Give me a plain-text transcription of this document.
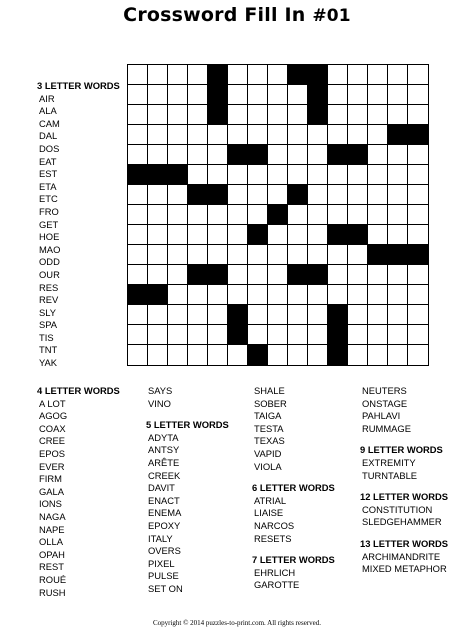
Crossword Fill In #01
3 LETTER WORDS
AIR
ALA
CAM
DAL
DOS
EAT
EST
ETA
ETC
FRO
GET
HOE
MAO
ODD
OUR
RES
REV
SLY
SPA
TIS
TNT
YAK
4 LETTER WORDS
A LOT
AGOG
COAX
CREE
EPOS
EVER
FIRM
GALA
IONS
NAGA
NAPE
OLLA
OPAH
REST
ROUÉ
RUSH
SAYS
VINO
5 LETTER WORDS
ADYTA
ANTSY
ARÊTE
CREEK
DAVIT
ENACT
ENEMA
EPOXY
ITALY
OVERS
PIXEL
PULSE
SET ON
SHALE
SOBER
TAIGA
TESTA
TEXAS
VAPID
VIOLA
6 LETTER WORDS
ATRIAL
LIAISE
NARCOS
RESETS
7 LETTER WORDS
EHRLICH
GAROTTE
NEUTERS
ONSTAGE
PAHLAVI
RUMMAGE
9 LETTER WORDS
EXTREMITY
TURNTABLE
12 LETTER WORDS
CONSTITUTION
SLEDGEHAMMER
13 LETTER WORDS
ARCHIMANDRITE
MIXED METAPHOR
Copyright © 2014 puzzles-to-print.com. All rights reserved.
